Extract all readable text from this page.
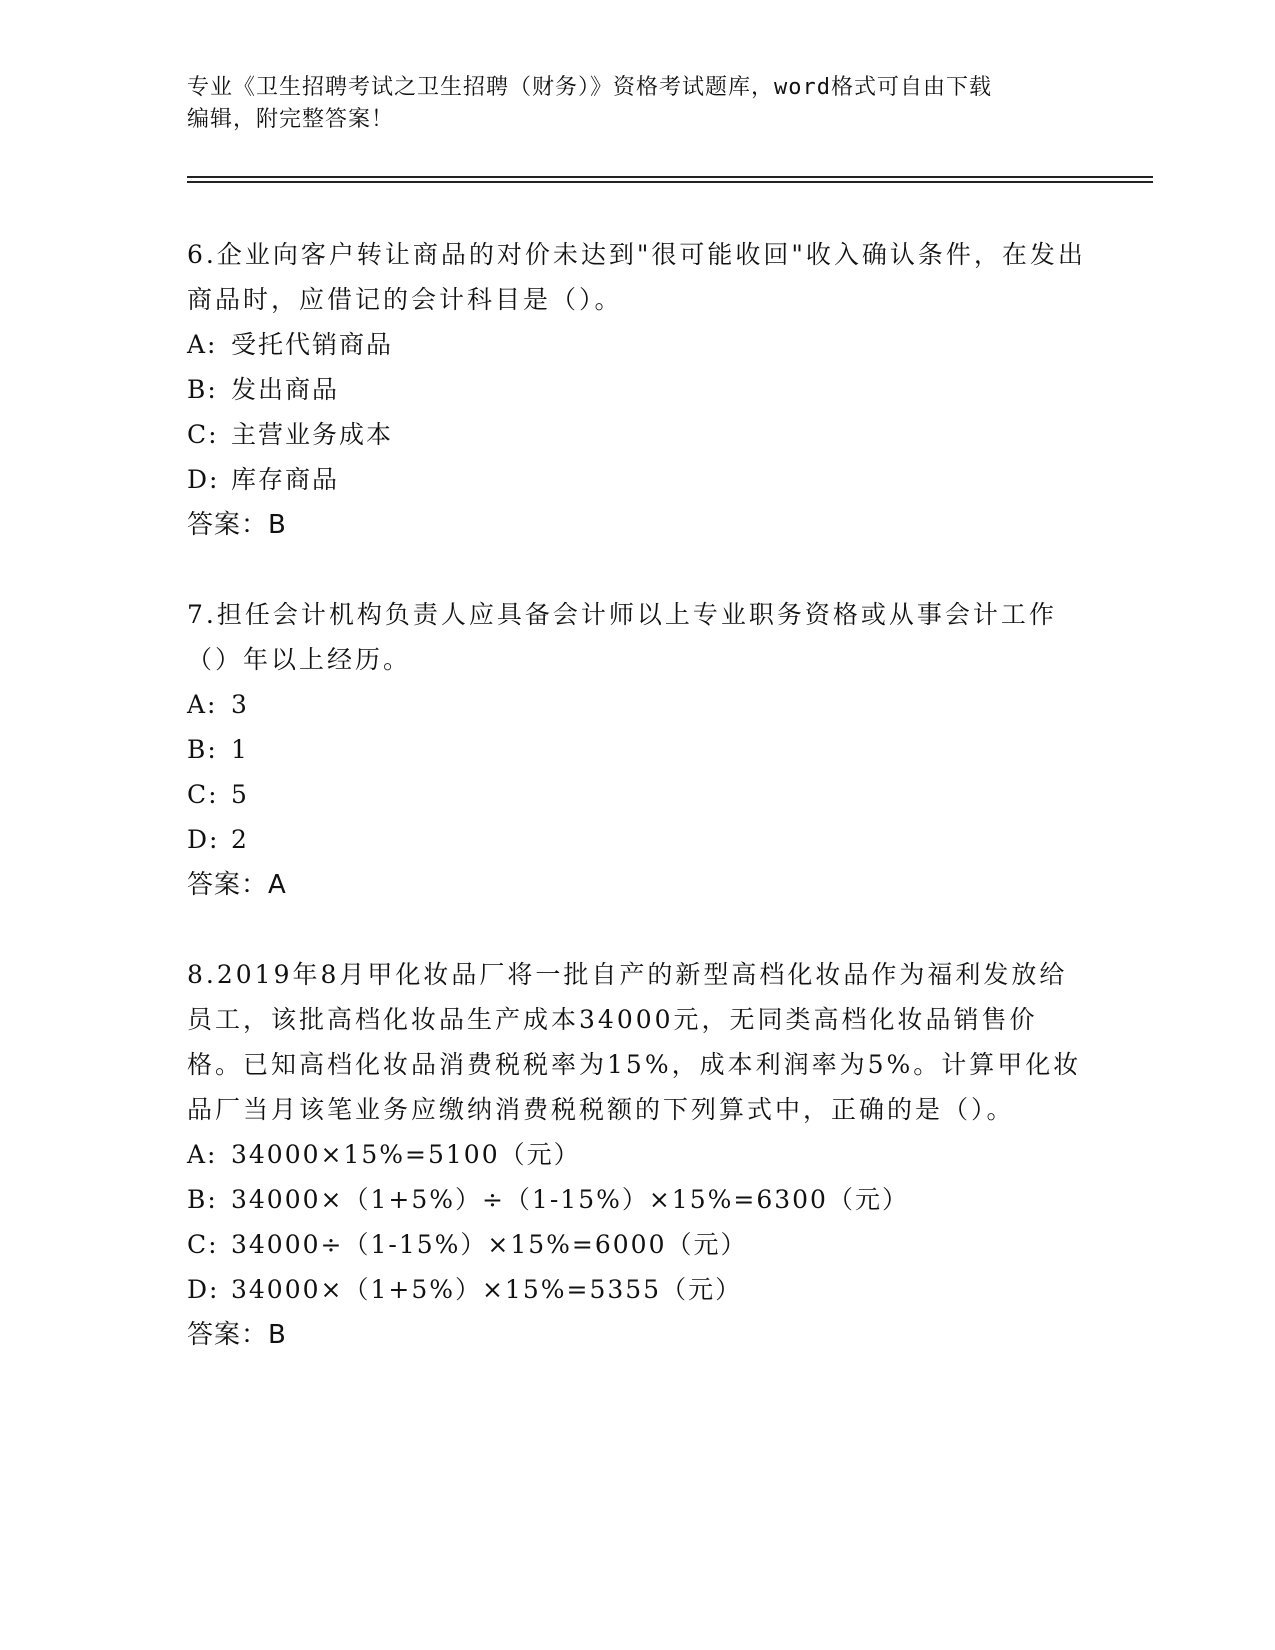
专业《卫生招聘考试之卫生招聘（财务）》资格考试题库，word格式可自由下载
编辑，附完整答案！

6.企业向客户转让商品的对价未达到"很可能收回"收入确认条件，在发出商品时，应借记的会计科目是（）。

A: 受托代销商品

B: 发出商品

C: 主营业务成本

D: 库存商品

答案：B

7.担任会计机构负责人应具备会计师以上专业职务资格或从事会计工作（）年以上经历。

A: 3

B: 1

C: 5

D: 2

答案：A

8.2019年8月甲化妆品厂将一批自产的新型高档化妆品作为福利发放给员工，该批高档化妆品生产成本34000元，无同类高档化妆品销售价格。已知高档化妆品消费税税率为15%，成本利润率为5%。计算甲化妆品厂当月该笔业务应缴纳消费税税额的下列算式中，正确的是（）。

A: 34000×15%=5100（元）

B: 34000×（1+5%）÷（1-15%）×15%=6300（元）

C: 34000÷（1-15%）×15%=6000（元）

D: 34000×（1+5%）×15%=5355（元）

答案：B
